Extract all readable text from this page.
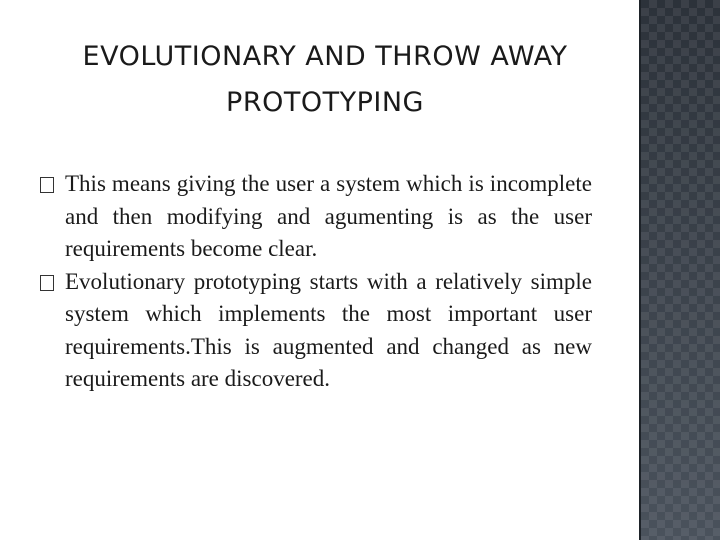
EVOLUTIONARY AND THROW AWAY
PROTOTYPING
This means giving the user a system which is incomplete and then modifying and agumenting is as the user requirements become clear.
Evolutionary prototyping starts with a relatively simple system which implements the most important user requirements.This is augmented and changed as new requirements are discovered.
